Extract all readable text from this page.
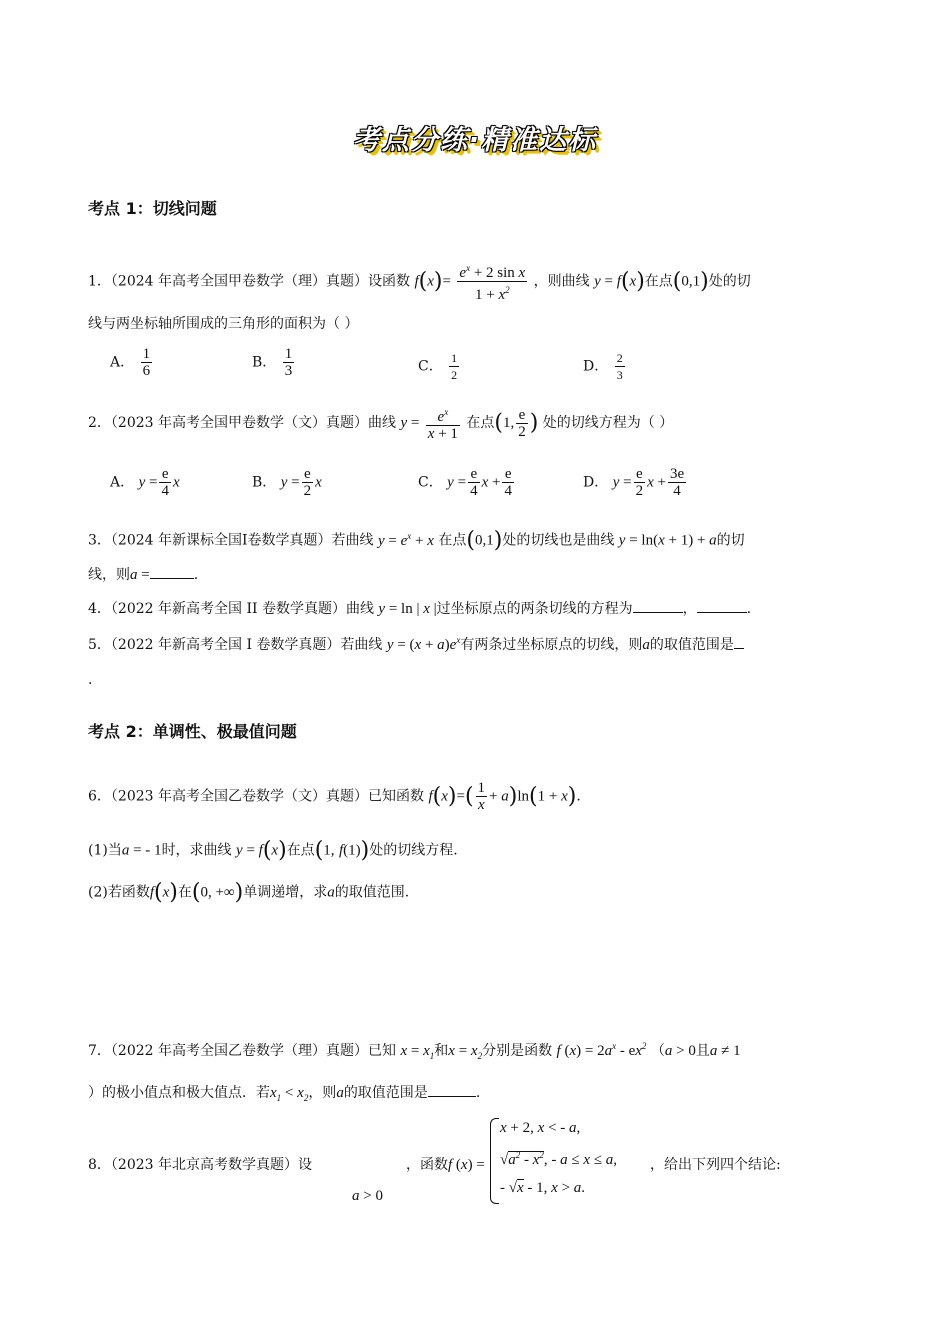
考点分练·精准达标
考点 1：切线问题
1．（2024 年高考全国甲卷数学（理）真题）设函数 $f(x)= \frac{e^x + 2 \sin x}{1 + x^2}$ ，则曲线 y = f(x)在点(0,1)处的切
线与两坐标轴所围成的三角形的面积为（ ）
A． $\frac{1}{6}$	B． $\frac{1}{3}$	C． $\frac{1}{2}$	D． $\frac{2}{3}$
2．（2023 年高考全国甲卷数学（文）真题）曲线 $y = \frac{e^x}{x + 1}$ 在点(1, $\frac{e}{2}$ ) 处的切线方程为（ ）
A． $y = \frac{e}{4}$ x	B． $y = \frac{e}{2}$ x	C． $y = \frac{e}{4}$ $x + \frac{e}{4}$	D． $y = \frac{e}{2}$ $x + \frac{3e}{4}$
3．（2024 年新课标全国Ⅰ卷数学真题）若曲线 $y = e^x + x$ 在点(0,1)处的切线也是曲线 y = ln(x + 1) + a的切
线，则a =	.
4．（2022 年新高考全国 II 卷数学真题）曲线 y = ln | x |过坐标原点的两条切线的方程为	，	.
5．（2022 年新高考全国 I 卷数学真题）若曲线 $y = (x + a)e^x$有两条过坐标原点的切线，则a的取值范围是
.
考点 2：单调性、极最值问题
6．（2023 年高考全国乙卷数学（文）真题）已知函数 $f(x)=( \frac{1}{x} + a)\ln(1 + x)$.
(1)当a = - 1时，求曲线 y = f(x)在点(1, f(1))处的切线方程.
(2)若函数f(x)在(0, +∞)单调递增，求a的取值范围.
7．（2022 年高考全国乙卷数学（理）真题）已知 $x = x_1$和$x = x_2$分别是函数 f $(x) = 2a^x - ex^2$ （a > 0且a ≠ 1
）的极小值点和极大值点．若$x_1 < x_2$，则a的取值范围是	.
8．（2023 年北京高考数学真题）设	，函数f (x) =
x + 2, x < - a,
$√a^2 - x^2$, - a ≤ x ≤ a,
- √x - 1, x > a.
，给出下列四个结论:
a > 0
